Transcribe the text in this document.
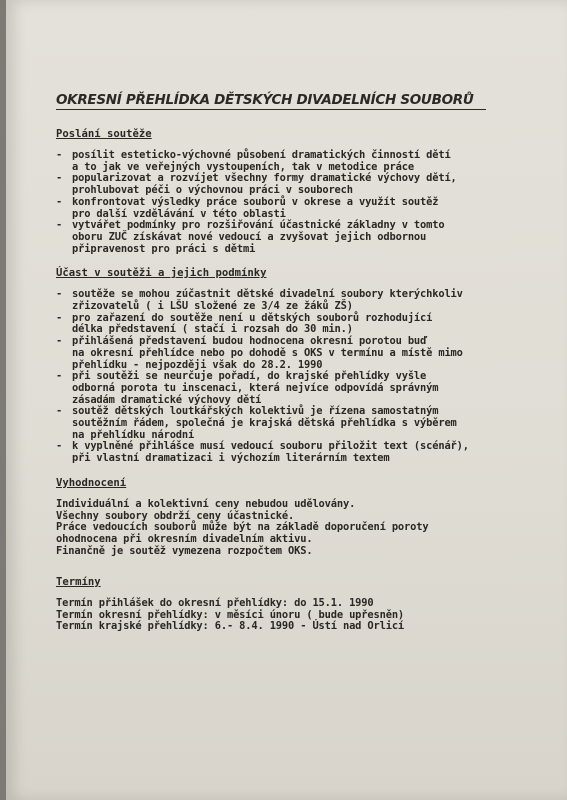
OKRESNÍ PŘEHLÍDKA DĚTSKÝCH DIVADELNÍCH SOUBORŮ
Poslání soutěže
- posílit esteticko-výchovné působení dramatických činností dětí
a to jak ve veřejných vystoupeních, tak v metodice práce
- popularizovat a rozvíjet všechny formy dramatické výchovy dětí,
prohlubovat péči o výchovnou práci v souborech
- konfrontovat výsledky práce souborů v okrese a využít soutěž
pro další vzdělávání v této oblasti
- vytvářet podmínky pro rozšiřování účastnické základny v tomto
oboru ZUČ získávat nové vedoucí a zvyšovat jejich odbornou
připravenost pro práci s dětmi
Účast v soutěži a jejich podmínky
- soutěže se mohou zúčastnit dětské divadelní soubory kterýchkoliv
zřizovatelů ( i LŠU složené ze 3/4 ze žáků ZŠ)
- pro zařazení do soutěže není u dětských souborů rozhodující
délka představení ( stačí i rozsah do 30 min.)
- přihlášená představení budou hodnocena okresní porotou buď
na okresní přehlídce nebo po dohodě s OKS v termínu a místě mimo
přehlídku - nejpozději však do 28.2. 1990
- při soutěži se neurčuje pořadí, do krajské přehlídky vyšle
odborná porota tu inscenaci, která nejvíce odpovídá správným
zásadám dramatické výchovy dětí
- soutěž dětských loutkářských kolektivů je řízena samostatným
soutěžním řádem, společná je krajská dětská přehlídka s výběrem
na přehlídku národní
- k vyplněné přihlášce musí vedoucí souboru přiložit text (scénář),
při vlastní dramatizaci i výchozím literárním textem
Vyhodnocení

Individuální a kolektivní ceny nebudou udělovány.

Všechny soubory obdrží ceny účastnické.

Práce vedoucích souborů může být na základě doporučení poroty

ohodnocena při okresním divadelním aktivu.

Finančně je soutěž vymezena rozpočtem OKS.

Termíny

Termín přihlášek do okresní přehlídky: do 15.1. 1990

Termín okresní přehlídky: v měsíci únoru ( bude upřesněn)

Termín krajské přehlídky: 6.- 8.4. 1990 - Ústí nad Orlicí
